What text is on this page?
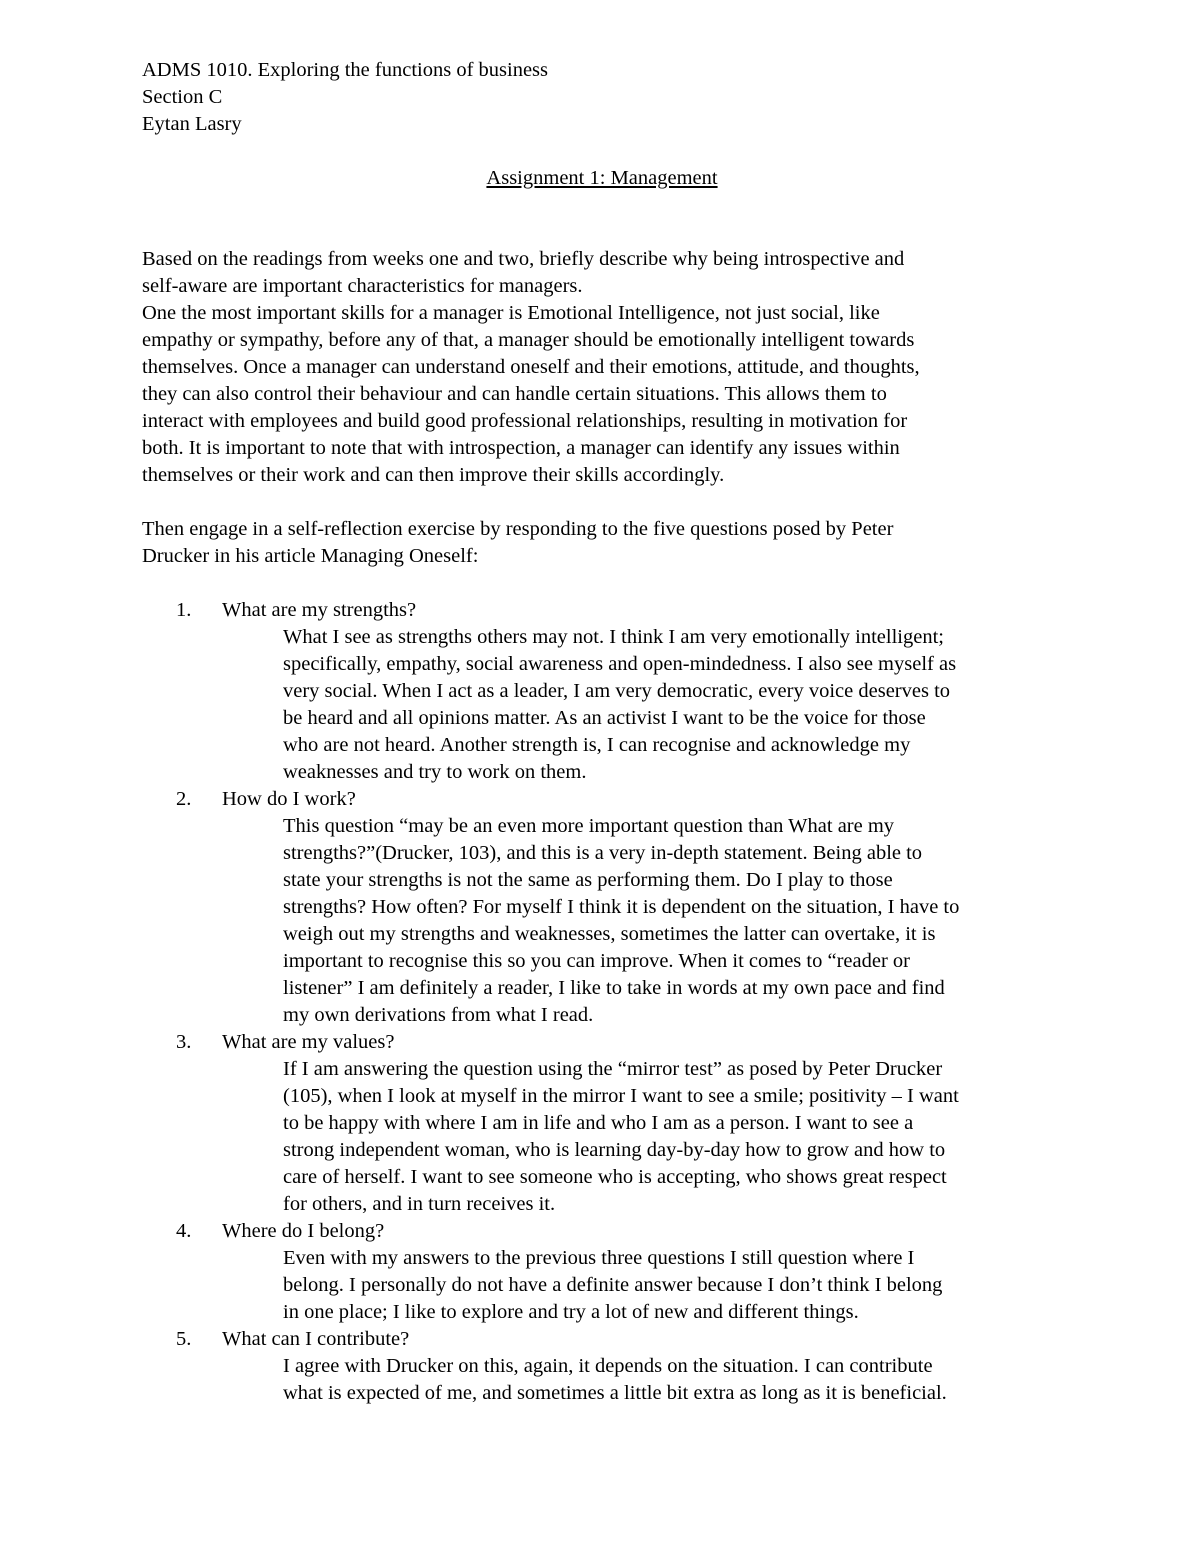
ADMS 1010. Exploring the functions of business
Section C
Eytan Lasry
Assignment 1: Management
Based on the readings from weeks one and two, briefly describe why being introspective and
self-aware are important characteristics for managers.
One the most important skills for a manager is Emotional Intelligence, not just social, like
empathy or sympathy, before any of that, a manager should be emotionally intelligent towards
themselves. Once a manager can understand oneself and their emotions, attitude, and thoughts,
they can also control their behaviour and can handle certain situations. This allows them to
interact with employees and build good professional relationships, resulting in motivation for
both. It is important to note that with introspection, a manager can identify any issues within
themselves or their work and can then improve their skills accordingly.
Then engage in a self-reflection exercise by responding to the five questions posed by Peter
Drucker in his article Managing Oneself:
1.	What are my strengths?
What I see as strengths others may not. I think I am very emotionally intelligent;
specifically, empathy, social awareness and open-mindedness. I also see myself as
very social. When I act as a leader, I am very democratic, every voice deserves to
be heard and all opinions matter. As an activist I want to be the voice for those
who are not heard. Another strength is, I can recognise and acknowledge my
weaknesses and try to work on them.
2.	How do I work?
This question “may be an even more important question than What are my
strengths?”(Drucker, 103), and this is a very in-depth statement. Being able to
state your strengths is not the same as performing them. Do I play to those
strengths? How often? For myself I think it is dependent on the situation, I have to
weigh out my strengths and weaknesses, sometimes the latter can overtake, it is
important to recognise this so you can improve. When it comes to “reader or
listener” I am definitely a reader, I like to take in words at my own pace and find
my own derivations from what I read.
3.	What are my values?
If I am answering the question using the “mirror test” as posed by Peter Drucker
(105), when I look at myself in the mirror I want to see a smile; positivity – I want
to be happy with where I am in life and who I am as a person. I want to see a
strong independent woman, who is learning day-by-day how to grow and how to
care of herself. I want to see someone who is accepting, who shows great respect
for others, and in turn receives it.
4.	Where do I belong?
Even with my answers to the previous three questions I still question where I
belong. I personally do not have a definite answer because I don’t think I belong
in one place; I like to explore and try a lot of new and different things.
5.	What can I contribute?
I agree with Drucker on this, again, it depends on the situation. I can contribute
what is expected of me, and sometimes a little bit extra as long as it is beneficial.
